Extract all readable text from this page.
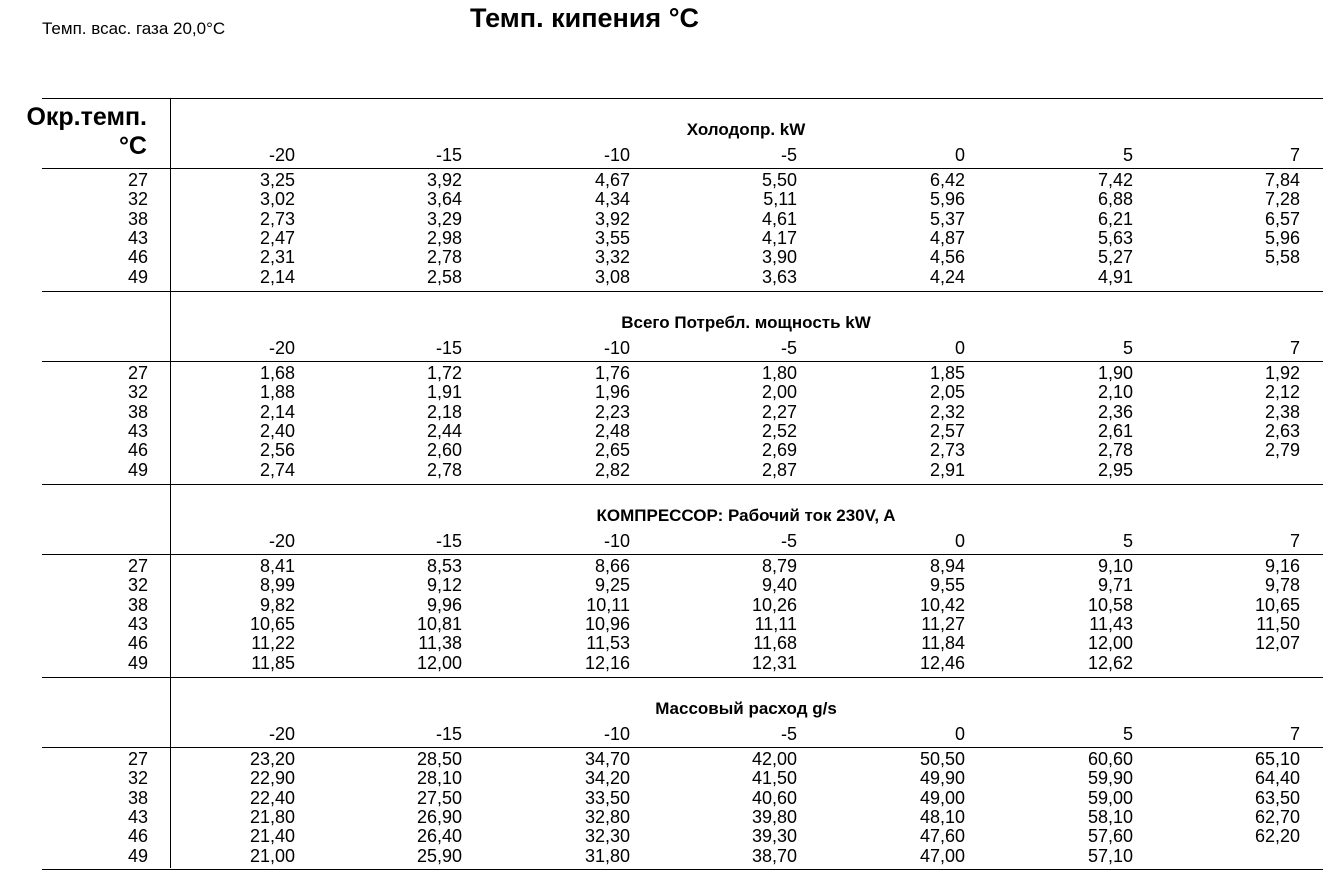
Темп. всас. газа 20,0°C	Темп. кипения °C
Окр.темп.
°C
Холодопр. kW
-20	-15	-10	-5	0	5	7
27	3,25	3,92	4,67	5,50	6,42	7,42	7,84
32	3,02	3,64	4,34	5,11	5,96	6,88	7,28
38	2,73	3,29	3,92	4,61	5,37	6,21	6,57
43	2,47	2,98	3,55	4,17	4,87	5,63	5,96
46	2,31	2,78	3,32	3,90	4,56	5,27	5,58
49	2,14	2,58	3,08	3,63	4,24	4,91
Всего Потребл. мощность kW
-20	-15	-10	-5	0	5	7
27	1,68	1,72	1,76	1,80	1,85	1,90	1,92
32	1,88	1,91	1,96	2,00	2,05	2,10	2,12
38	2,14	2,18	2,23	2,27	2,32	2,36	2,38
43	2,40	2,44	2,48	2,52	2,57	2,61	2,63
46	2,56	2,60	2,65	2,69	2,73	2,78	2,79
49	2,74	2,78	2,82	2,87	2,91	2,95
КОМПРЕССОР: Рабочий ток 230V, A
-20	-15	-10	-5	0	5	7
27	8,41	8,53	8,66	8,79	8,94	9,10	9,16
32	8,99	9,12	9,25	9,40	9,55	9,71	9,78
38	9,82	9,96	10,11	10,26	10,42	10,58	10,65
43	10,65	10,81	10,96	11,11	11,27	11,43	11,50
46	11,22	11,38	11,53	11,68	11,84	12,00	12,07
49	11,85	12,00	12,16	12,31	12,46	12,62
Массовый расход g/s
-20	-15	-10	-5	0	5	7
27	23,20	28,50	34,70	42,00	50,50	60,60	65,10
32	22,90	28,10	34,20	41,50	49,90	59,90	64,40
38	22,40	27,50	33,50	40,60	49,00	59,00	63,50
43	21,80	26,90	32,80	39,80	48,10	58,10	62,70
46	21,40	26,40	32,30	39,30	47,60	57,60	62,20
49	21,00	25,90	31,80	38,70	47,00	57,10
